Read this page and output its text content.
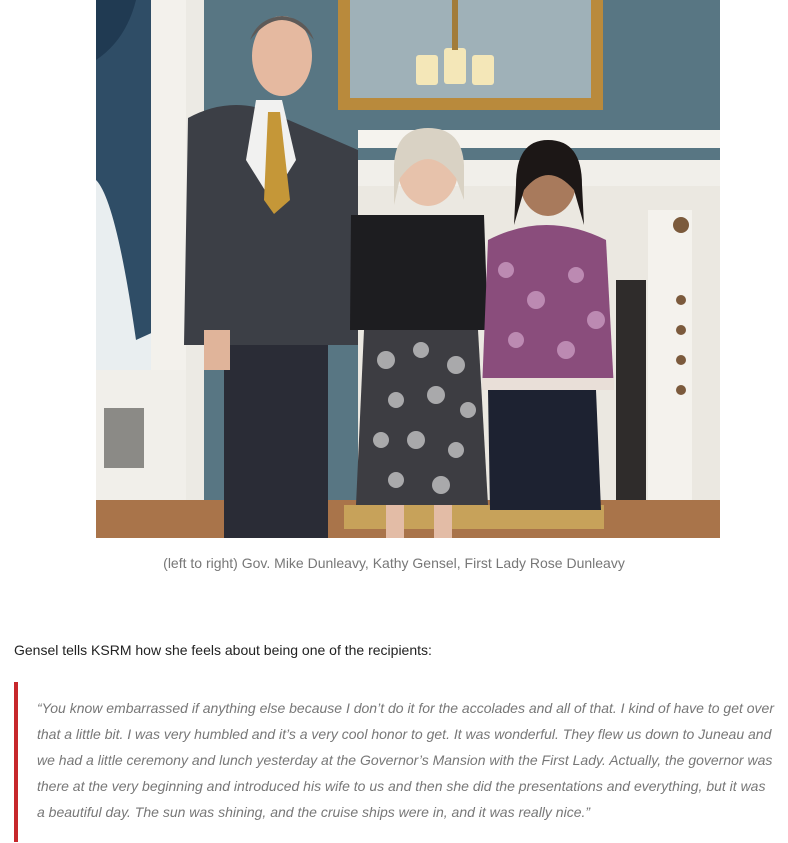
(left to right) Gov. Mike Dunleavy, Kathy Gensel, First Lady Rose Dunleavy
Gensel tells KSRM how she feels about being one of the recipients:

“You know embarrassed if anything else because I don’t do it for the accolades and all of that. I kind of have to get over that a little bit. I was very humbled and it’s a very cool honor to get. It was wonderful. They flew us down to Juneau and we had a little ceremony and lunch yesterday at the Governor’s Mansion with the First Lady. Actually, the governor was there at the very beginning and introduced his wife to us and then she did the presentations and everything, but it was a beautiful day. The sun was shining, and the cruise ships were in, and it was really nice.”
